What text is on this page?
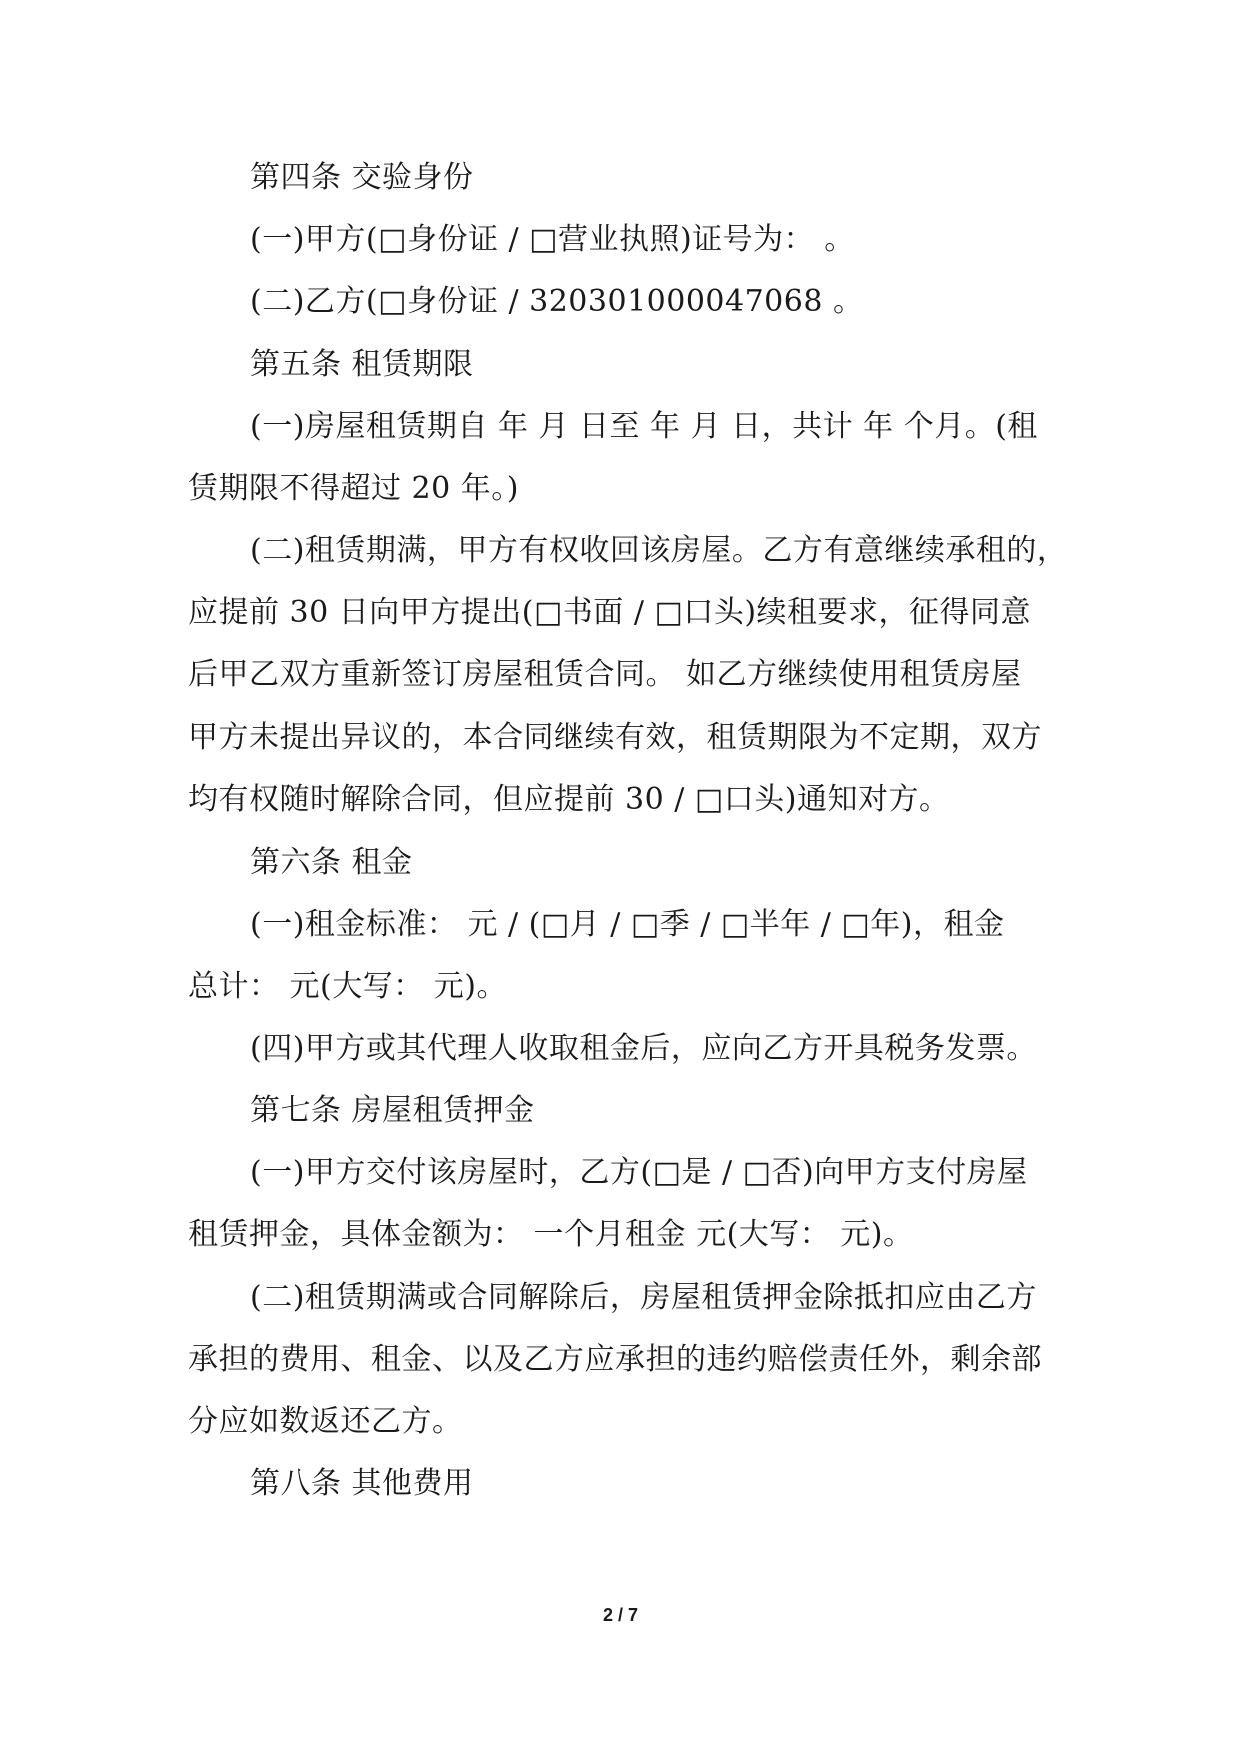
第四条 交验身份
(一)甲方(□身份证 / □营业执照)证号为： 。
(二)乙方(□身份证 / 320301000047068 。
第五条 租赁期限
(一)房屋租赁期自 年 月 日至 年 月 日，共计 年 个月。(租
赁期限不得超过 20 年。)
(二)租赁期满，甲方有权收回该房屋。乙方有意继续承租的，
应提前 30 日向甲方提出(□书面 / □口头)续租要求，征得同意
后甲乙双方重新签订房屋租赁合同。 如乙方继续使用租赁房屋
甲方未提出异议的，本合同继续有效，租赁期限为不定期，双方
均有权随时解除合同，但应提前 30 / □口头)通知对方。
第六条 租金
(一)租金标准： 元 / (□月 / □季 / □半年 / □年)，租金
总计： 元(大写： 元)。
(四)甲方或其代理人收取租金后，应向乙方开具税务发票。
第七条 房屋租赁押金
(一)甲方交付该房屋时，乙方(□是 / □否)向甲方支付房屋
租赁押金，具体金额为： 一个月租金 元(大写： 元)。
(二)租赁期满或合同解除后，房屋租赁押金除抵扣应由乙方
承担的费用、租金、以及乙方应承担的违约赔偿责任外，剩余部
分应如数返还乙方。
第八条 其他费用
2 / 7
